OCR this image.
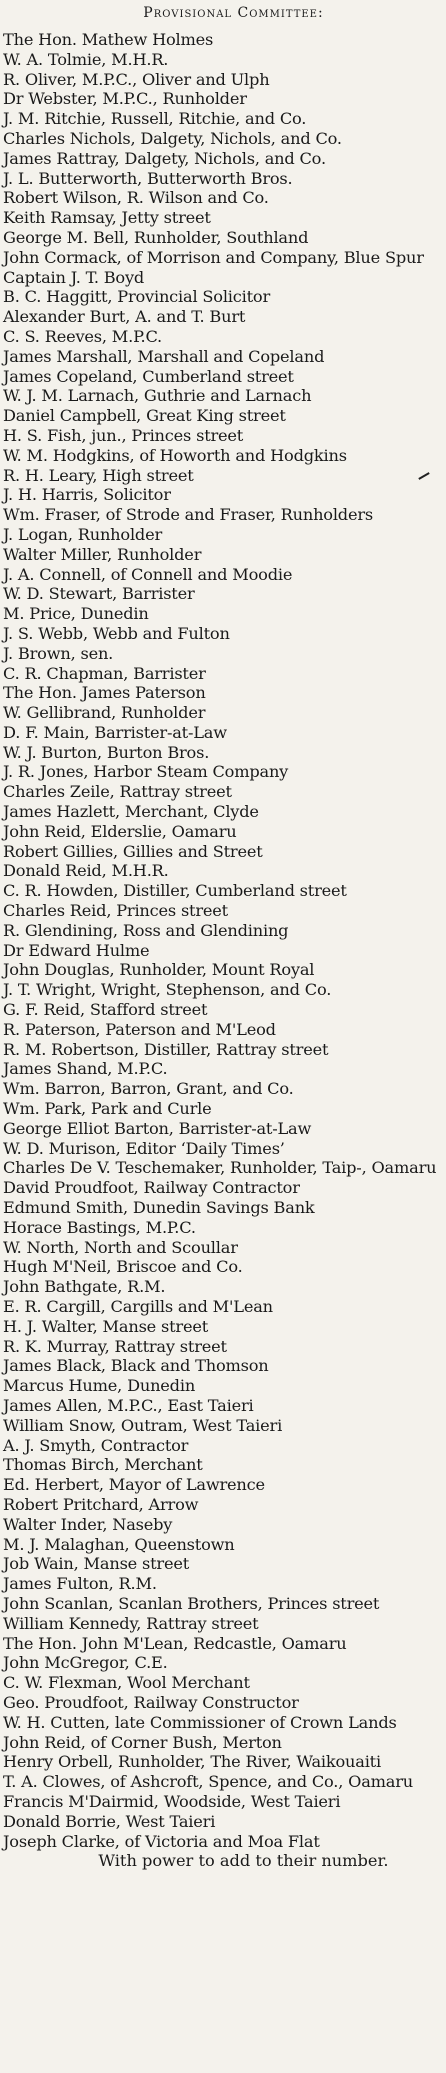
Provisional Committee:
The Hon. Mathew Holmes
W. A. Tolmie, M.H.R.
R. Oliver, M.P.C., Oliver and Ulph
Dr Webster, M.P.C., Runholder
J. M. Ritchie, Russell, Ritchie, and Co.
Charles Nichols, Dalgety, Nichols, and Co.
James Rattray, Dalgety, Nichols, and Co.
J. L. Butterworth, Butterworth Bros.
Robert Wilson, R. Wilson and Co.
Keith Ramsay, Jetty street
George M. Bell, Runholder, Southland
John Cormack, of Morrison and Company, Blue Spur
Captain J. T. Boyd
B. C. Haggitt, Provincial Solicitor
Alexander Burt, A. and T. Burt
C. S. Reeves, M.P.C.
James Marshall, Marshall and Copeland
James Copeland, Cumberland street
W. J. M. Larnach, Guthrie and Larnach
Daniel Campbell, Great King street
H. S. Fish, jun., Princes street
W. M. Hodgkins, of Howorth and Hodgkins
R. H. Leary, High street
J. H. Harris, Solicitor
Wm. Fraser, of Strode and Fraser, Runholders
J. Logan, Runholder
Walter Miller, Runholder
J. A. Connell, of Connell and Moodie
W. D. Stewart, Barrister
M. Price, Dunedin
J. S. Webb, Webb and Fulton
J. Brown, sen.
C. R. Chapman, Barrister
The Hon. James Paterson
W. Gellibrand, Runholder
D. F. Main, Barrister-at-Law
W. J. Burton, Burton Bros.
J. R. Jones, Harbor Steam Company
Charles Zeile, Rattray street
James Hazlett, Merchant, Clyde
John Reid, Elderslie, Oamaru
Robert Gillies, Gillies and Street
Donald Reid, M.H.R.
C. R. Howden, Distiller, Cumberland street
Charles Reid, Princes street
R. Glendining, Ross and Glendining
Dr Edward Hulme
John Douglas, Runholder, Mount Royal
J. T. Wright, Wright, Stephenson, and Co.
G. F. Reid, Stafford street
R. Paterson, Paterson and M'Leod
R. M. Robertson, Distiller, Rattray street
James Shand, M.P.C.
Wm. Barron, Barron, Grant, and Co.
Wm. Park, Park and Curle
George Elliot Barton, Barrister-at-Law
W. D. Murison, Editor ‘Daily Times’
Charles De V. Teschemaker, Runholder, Taip-, Oamaru
David Proudfoot, Railway Contractor
Edmund Smith, Dunedin Savings Bank
Horace Bastings, M.P.C.
W. North, North and Scoullar
Hugh M'Neil, Briscoe and Co.
John Bathgate, R.M.
E. R. Cargill, Cargills and M'Lean
H. J. Walter, Manse street
R. K. Murray, Rattray street
James Black, Black and Thomson
Marcus Hume, Dunedin
James Allen, M.P.C., East Taieri
William Snow, Outram, West Taieri
A. J. Smyth, Contractor
Thomas Birch, Merchant
Ed. Herbert, Mayor of Lawrence
Robert Pritchard, Arrow
Walter Inder, Naseby
M. J. Malaghan, Queenstown
Job Wain, Manse street
James Fulton, R.M.
John Scanlan, Scanlan Brothers, Princes street
William Kennedy, Rattray street
The Hon. John M'Lean, Redcastle, Oamaru
John McGregor, C.E.
C. W. Flexman, Wool Merchant
Geo. Proudfoot, Railway Constructor
W. H. Cutten, late Commissioner of Crown Lands
John Reid, of Corner Bush, Merton
Henry Orbell, Runholder, The River, Waikouaiti
T. A. Clowes, of Ashcroft, Spence, and Co., Oamaru
Francis M'Dairmid, Woodside, West Taieri
Donald Borrie, West Taieri
Joseph Clarke, of Victoria and Moa Flat
With power to add to their number.
